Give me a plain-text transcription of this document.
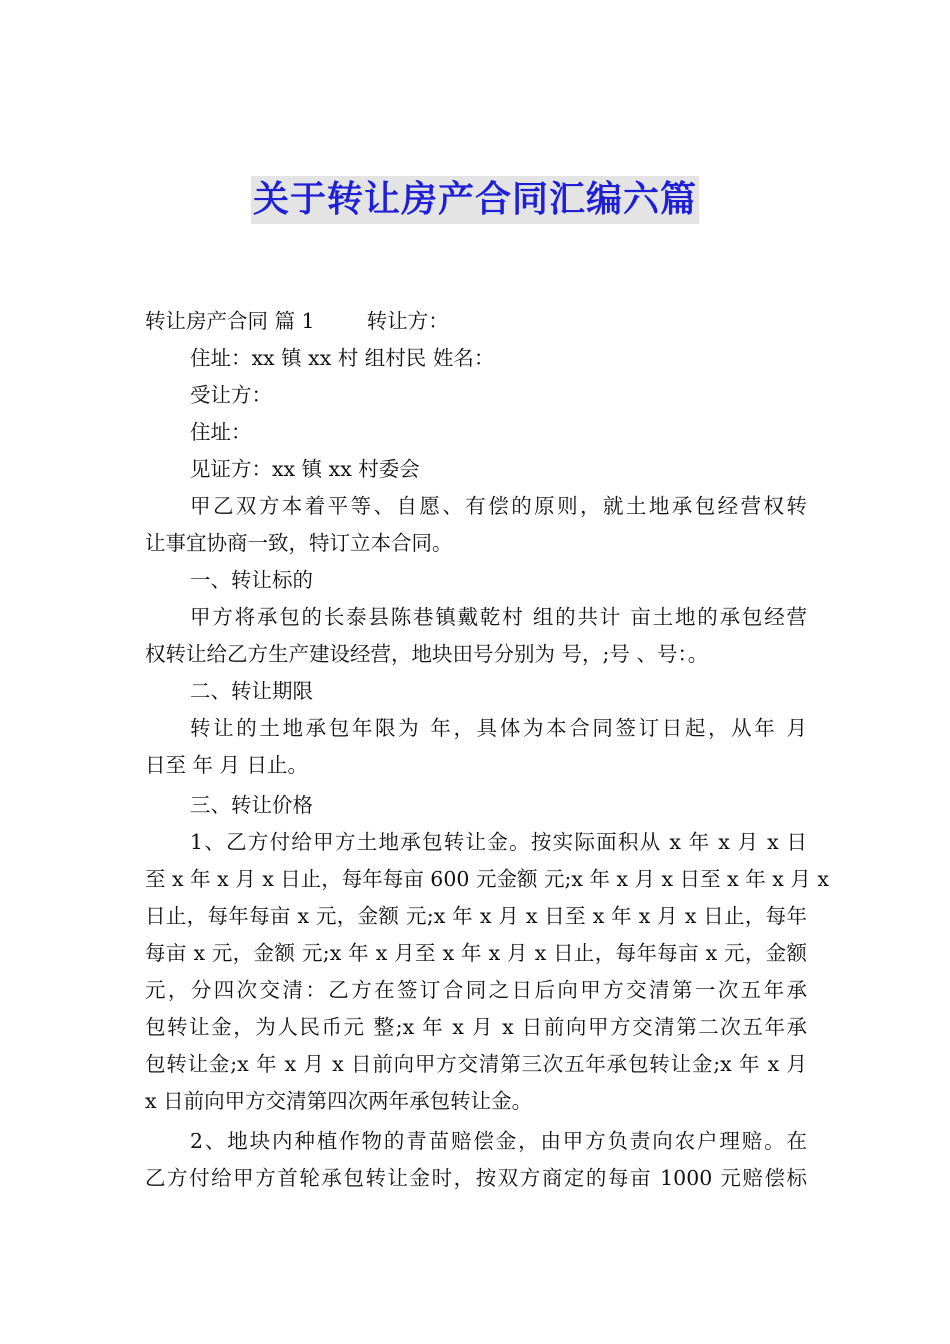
关于转让房产合同汇编六篇

转让房产合同 篇 1        转让方：

住址：xx 镇 xx 村 组村民 姓名：

受让方：

住址：

见证方：xx 镇 xx 村委会

甲乙双方本着平等、自愿、有偿的原则，就土地承包经营权转

让事宜协商一致，特订立本合同。

一、转让标的

甲方将承包的长泰县陈巷镇戴乾村 组的共计 亩土地的承包经营

权转让给乙方生产建设经营，地块田号分别为 号，;号 、号：。

二、转让期限

转让的土地承包年限为 年，具体为本合同签订日起，从年 月

日至 年 月 日止。

三、转让价格

1、乙方付给甲方土地承包转让金。按实际面积从 x 年 x 月 x 日

至 x 年 x 月 x 日止，每年每亩 600 元金额 元;x 年 x 月 x 日至 x 年 x 月 x

日止，每年每亩 x 元，金额 元;x 年 x 月 x 日至 x 年 x 月 x 日止，每年

每亩 x 元，金额 元;x 年 x 月至 x 年 x 月 x 日止，每年每亩 x 元，金额

元，分四次交清：乙方在签订合同之日后向甲方交清第一次五年承

包转让金，为人民币元 整;x 年 x 月 x 日前向甲方交清第二次五年承

包转让金;x 年 x 月 x 日前向甲方交清第三次五年承包转让金;x 年 x 月

x 日前向甲方交清第四次两年承包转让金。

2、地块内种植作物的青苗赔偿金，由甲方负责向农户理赔。在

乙方付给甲方首轮承包转让金时，按双方商定的每亩 1000 元赔偿标
